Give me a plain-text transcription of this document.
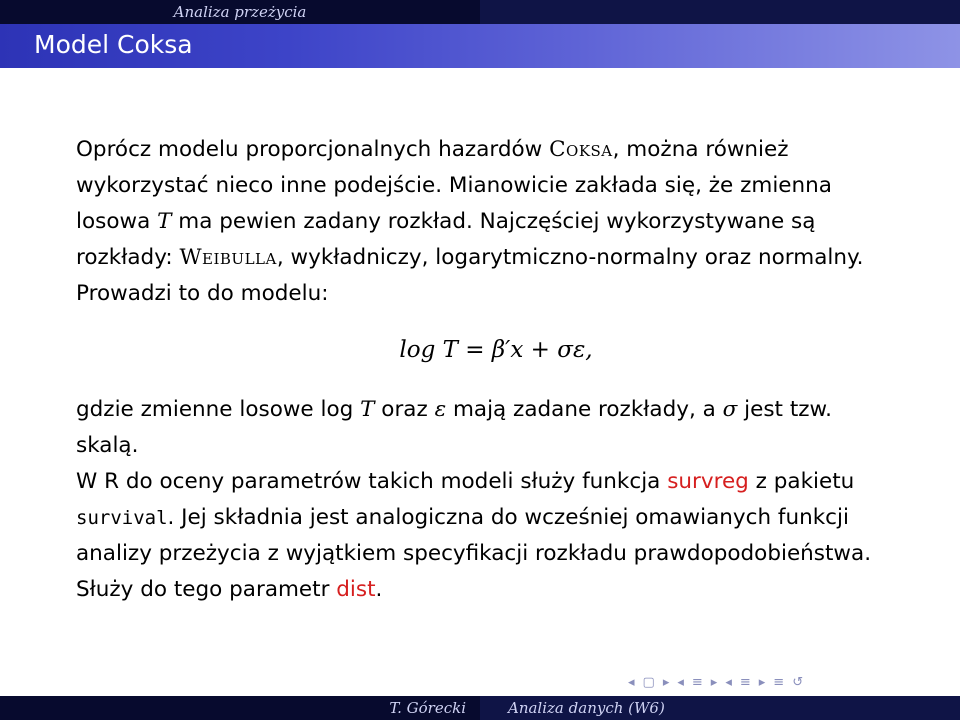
Analiza przeżycia
Model Coksa

Oprócz modelu proporcjonalnych hazardów Coksa, można również wykorzystać nieco inne podejście. Mianowicie zakłada się, że zmienna losowa T ma pewien zadany rozkład. Najczęściej wykorzystywane są rozkłady: Weibulla, wykładniczy, logarytmiczno-normalny oraz normalny. Prowadzi to do modelu:

log T = β′x + σε,

gdzie zmienne losowe log T oraz ε mają zadane rozkłady, a σ jest tzw. skalą.

W R do oceny parametrów takich modeli służy funkcja survreg z pakietu survival. Jej składnia jest analogiczna do wcześniej omawianych funkcji analizy przeżycia z wyjątkiem specyfikacji rozkładu prawdopodobieństwa. Służy do tego parametr dist.

◂ ▢ ▸ ◂ ≡ ▸ ◂ ≡ ▸ ≡ ↺
T. Górecki	Analiza danych (W6)
